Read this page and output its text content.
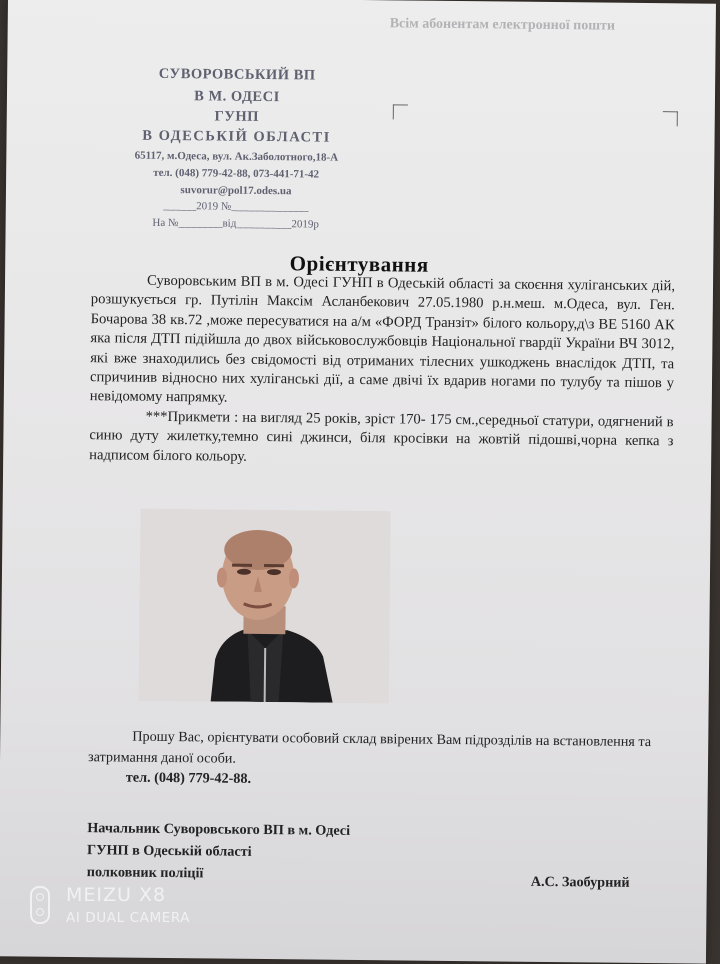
Всім абонентам електронної пошти
СУВОРОВСЬКИЙ ВП
В М. ОДЕСІ
ГУНП
В ОДЕСЬКІЙ ОБЛАСТІ
65117, м.Одеса, вул. Ак.Заболотного,18-А
тел. (048) 779-42-88, 073-441-71-42
suvorur@pol17.odes.ua
______2019 №______________
На №________від__________2019р
Орієнтування

Суворовським ВП в м. Одесі ГУНП в Одеській області за скоєння хуліганських дій, розшукується гр. Путілін Максім Асланбекович 27.05.1980 р.н.меш. м.Одеса, вул. Ген. Бочарова 38 кв.72 ,може пересуватися на а/м «ФОРД Транзіт» білого кольору,д\з ВЕ 5160 АК яка після ДТП підійшла до двох військовослужбовців Національної гвардії України ВЧ 3012, які вже знаходились без свідомості від отриманих тілесних ушкоджень внаслідок ДТП, та спричинив відносно них хуліганські дії, а саме двічі їх вдарив ногами по тулубу та пішов у невідомому напрямку.

***Прикмети : на вигляд 25 років, зріст 170- 175 см.,середньої статури, одягнений в синю дуту жилетку,темно сині джинси, біля кросівки на жовтій підошві,чорна кепка з надписом білого кольору.

Прошу Вас, орієнтувати особовий склад ввірених Вам підрозділів на встановлення та затримання даної особи.
тел. (048) 779-42-88.
Начальник Суворовського ВП в м. Одесі
ГУНП в Одеській області
полковник поліції
А.С. Заобурний
MEIZU X8
AI DUAL CAMERA
